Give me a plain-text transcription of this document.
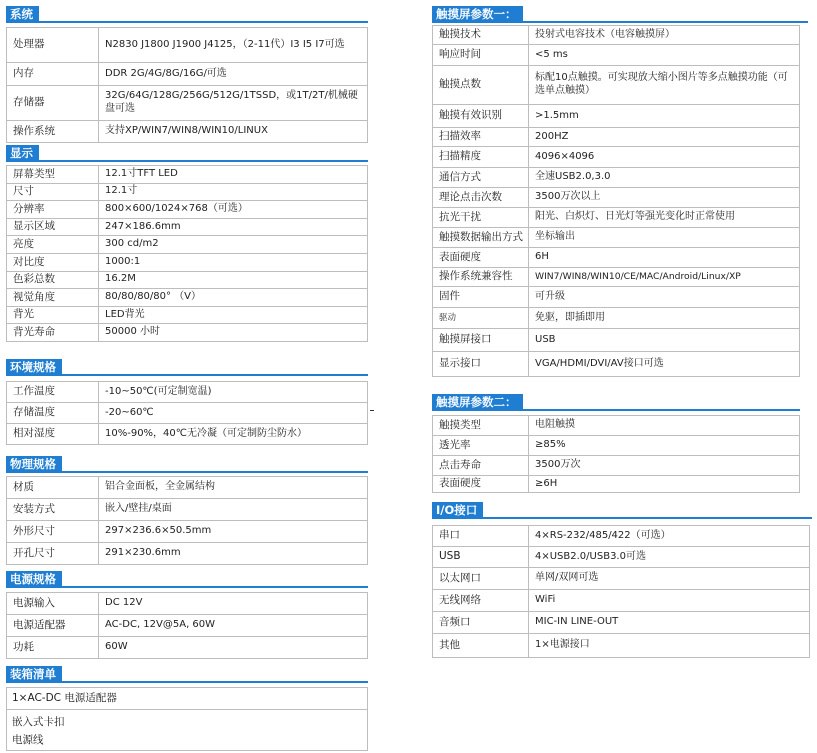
系统
处理器	N2830 J1800 J1900 J4125，（2-11代）I3 I5 I7可选
内存	DDR 2G/4G/8G/16G/可选
存储器	32G/64G/128G/256G/512G/1TSSD，或1T/2T/机械硬盘可选
操作系统	支持XP/WIN7/WIN8/WIN10/LINUX
显示
屏幕类型	12.1寸TFT LED
尺寸	12.1寸
分辨率	800×600/1024×768（可选）
显示区域	247×186.6mm
亮度	300 cd/m2
对比度	1000:1
色彩总数	16.2M
视觉角度	80/80/80/80° （V）
背光	LED背光
背光寿命	50000 小时
环境规格
工作温度	-10~50℃(可定制宽温)
存储温度	-20~60℃
相对湿度	10%-90%，40℃无冷凝（可定制防尘防水）
物理规格
材质	铝合金面板，全金属结构
安装方式	嵌入/壁挂/桌面
外形尺寸	297×236.6×50.5mm
开孔尺寸	291×230.6mm
电源规格
电源输入	DC 12V
电源适配器	AC-DC, 12V@5A, 60W
功耗	60W
装箱清单
1×AC-DC 电源适配器
嵌入式卡扣
电源线
触摸屏参数一：
触摸技术	投射式电容技术（电容触摸屏）
响应时间	<5 ms
触摸点数	标配10点触摸。可实现放大缩小图片等多点触摸功能（可选单点触摸）
触摸有效识别	>1.5mm
扫描效率	200HZ
扫描精度	4096×4096
通信方式	全速USB2.0,3.0
理论点击次数	3500万次以上
抗光干扰	阳光、白炽灯、日光灯等强光变化时正常使用
触摸数据输出方式	坐标输出
表面硬度	6H
操作系统兼容性	WIN7/WIN8/WIN10/CE/MAC/Android/Linux/XP
固件	可升级
驱动	免驱，即插即用
触摸屏接口	USB
显示接口	VGA/HDMI/DVI/AV接口可选
触摸屏参数二：
触摸类型	电阻触摸
透光率	≥85%
点击寿命	3500万次
表面硬度	≥6H
I/O接口
串口	4×RS-232/485/422（可选）
USB	4×USB2.0/USB3.0可选
以太网口	单网/双网可选
无线网络	WiFi
音频口	MIC-IN LINE-OUT
其他	1×电源接口
